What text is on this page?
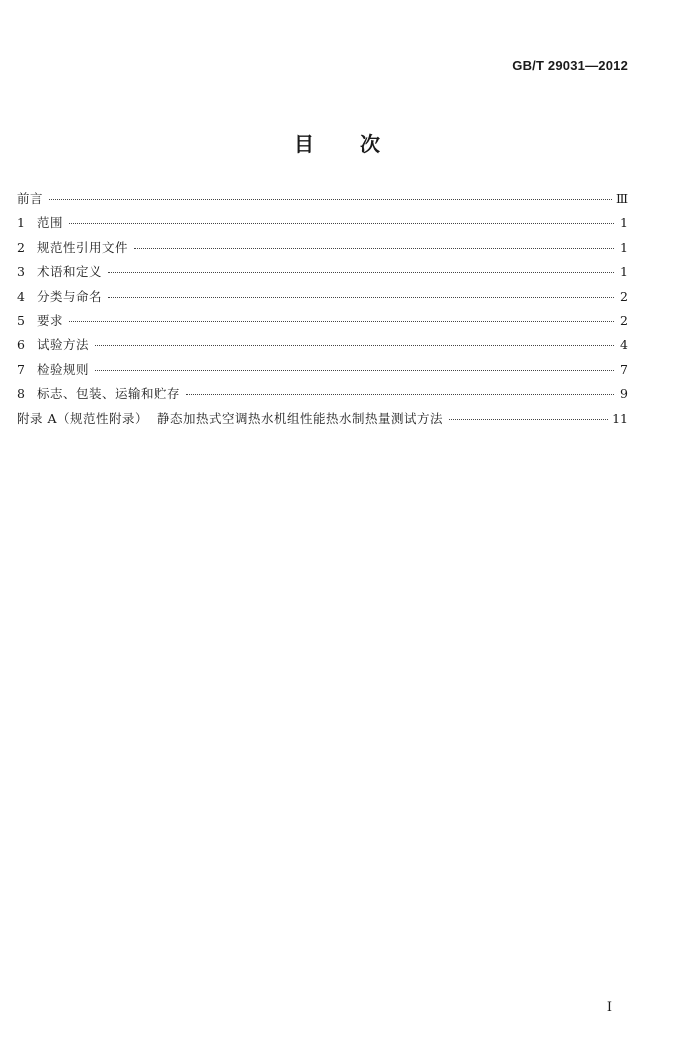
GB/T 29031—2012
目 次
前言	Ⅲ
1 范围	1
2 规范性引用文件	1
3 术语和定义	1
4 分类与命名	2
5 要求	2
6 试验方法	4
7 检验规则	7
8 标志、包装、运输和贮存	9
附录 A（规范性附录）  静态加热式空调热水机组性能热水制热量测试方法	11
I
